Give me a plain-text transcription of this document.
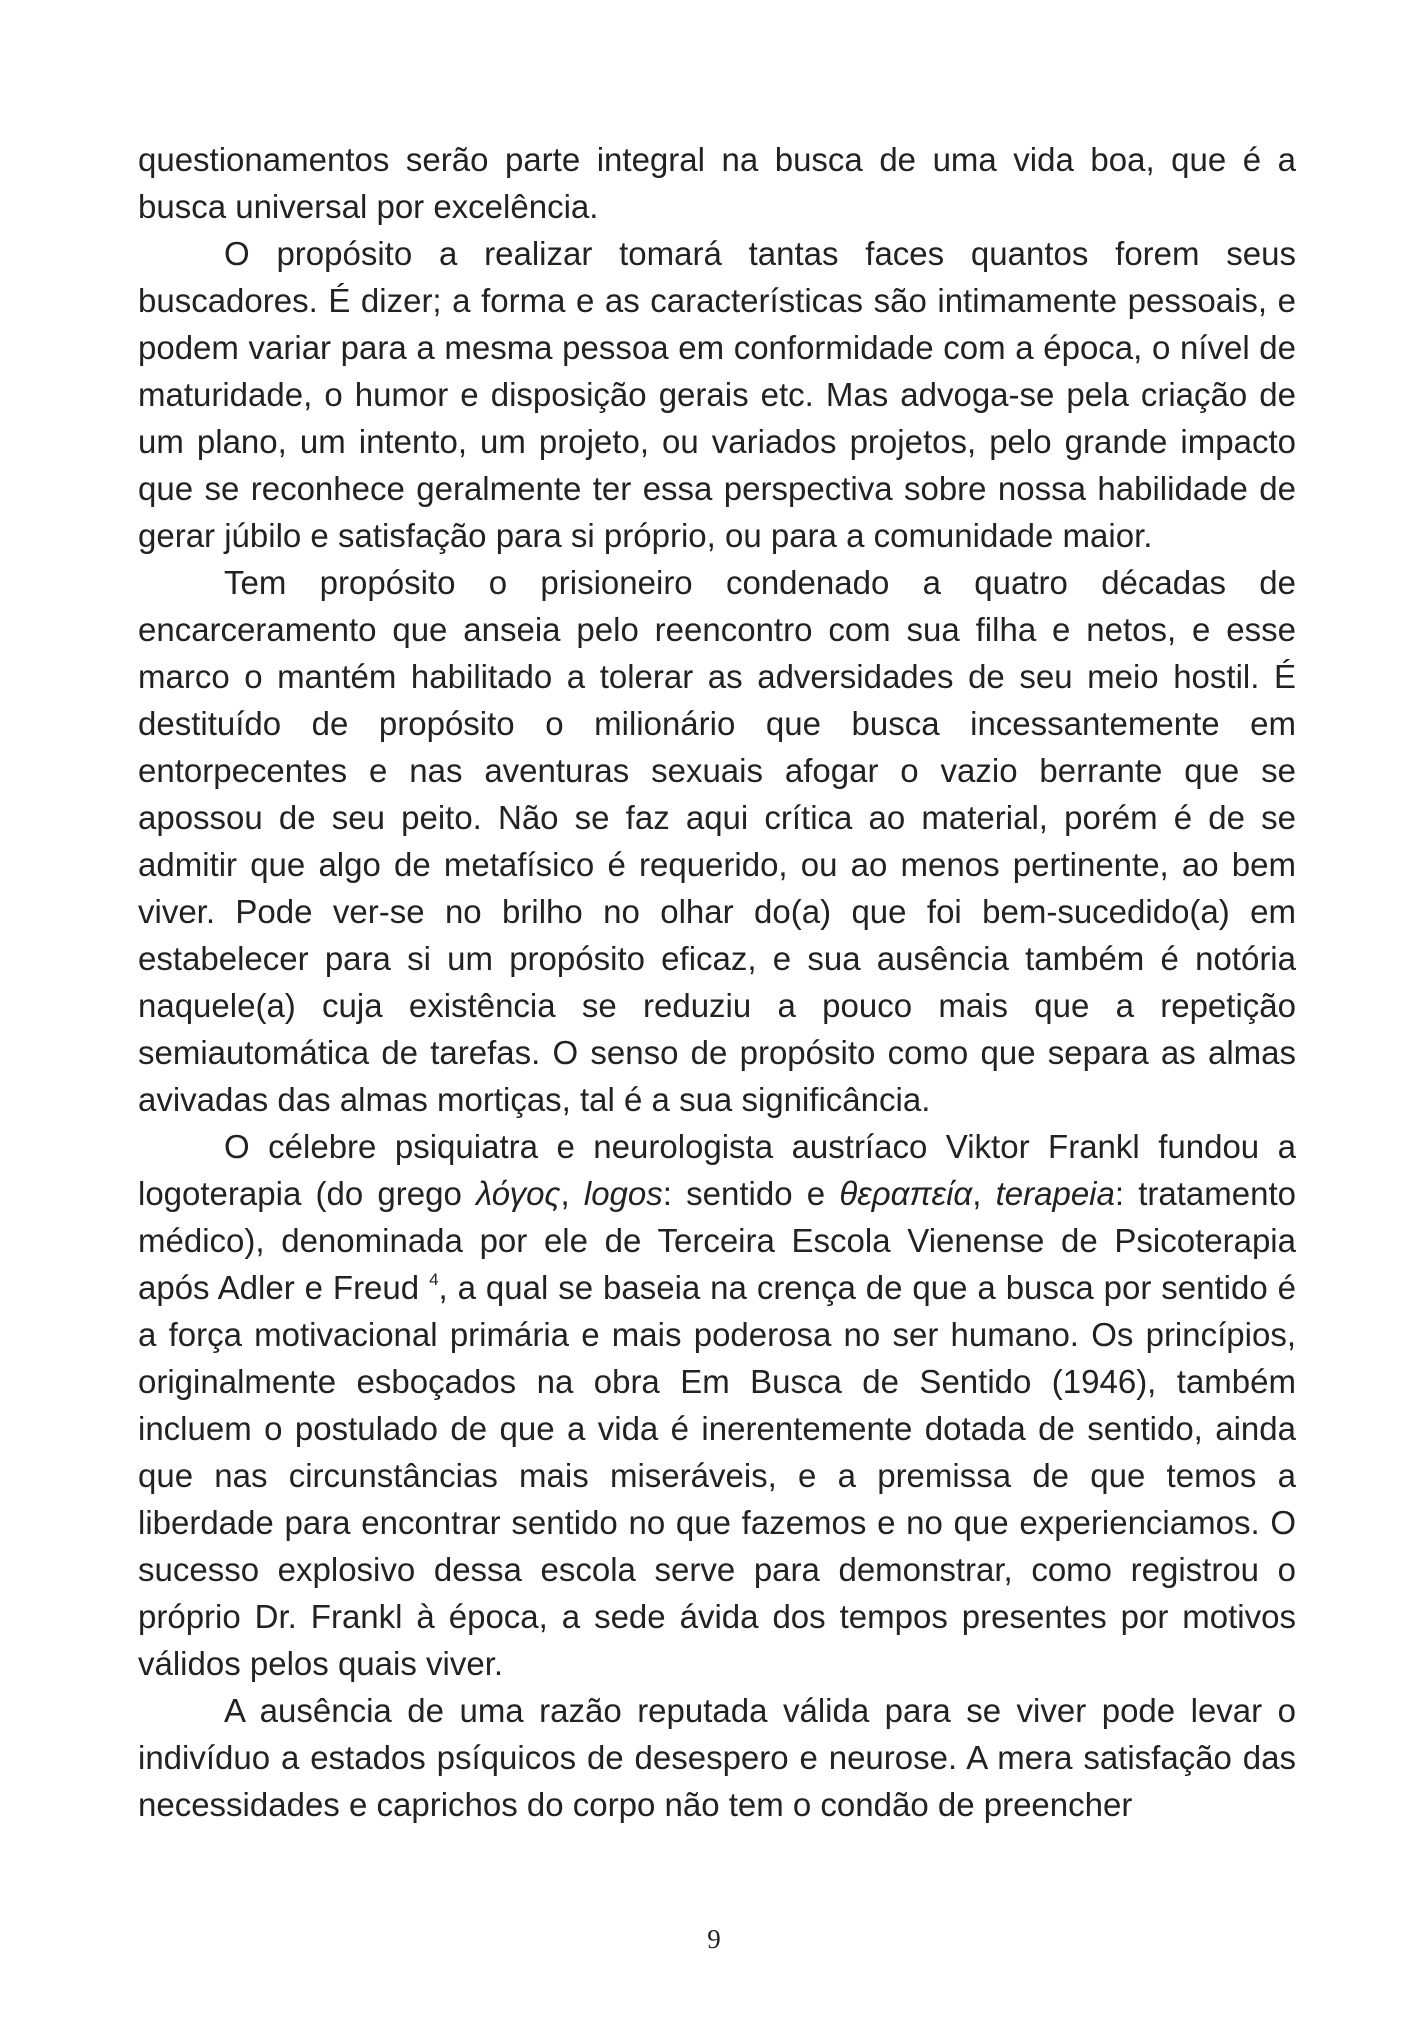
questionamentos serão parte integral na busca de uma vida boa, que é a busca universal por excelência.

O propósito a realizar tomará tantas faces quantos forem seus buscadores. É dizer; a forma e as características são intimamente pessoais, e podem variar para a mesma pessoa em conformidade com a época, o nível de maturidade, o humor e disposição gerais etc. Mas advoga-se pela criação de um plano, um intento, um projeto, ou variados projetos, pelo grande impacto que se reconhece geralmente ter essa perspectiva sobre nossa habilidade de gerar júbilo e satisfação para si próprio, ou para a comunidade maior.

Tem propósito o prisioneiro condenado a quatro décadas de encarceramento que anseia pelo reencontro com sua filha e netos, e esse marco o mantém habilitado a tolerar as adversidades de seu meio hostil. É destituído de propósito o milionário que busca incessantemente em entorpecentes e nas aventuras sexuais afogar o vazio berrante que se apossou de seu peito. Não se faz aqui crítica ao material, porém é de se admitir que algo de metafísico é requerido, ou ao menos pertinente, ao bem viver. Pode ver-se no brilho no olhar do(a) que foi bem-sucedido(a) em estabelecer para si um propósito eficaz, e sua ausência também é notória naquele(a) cuja existência se reduziu a pouco mais que a repetição semiautomática de tarefas. O senso de propósito como que separa as almas avivadas das almas mortiças, tal é a sua significância.

O célebre psiquiatra e neurologista austríaco Viktor Frankl fundou a logoterapia (do grego λόγος, logos: sentido e θεραπεία, terapeia: tratamento médico), denominada por ele de Terceira Escola Vienense de Psicoterapia após Adler e Freud $^4$, a qual se baseia na crença de que a busca por sentido é a força motivacional primária e mais poderosa no ser humano. Os princípios, originalmente esboçados na obra Em Busca de Sentido (1946), também incluem o postulado de que a vida é inerentemente dotada de sentido, ainda que nas circunstâncias mais miseráveis, e a premissa de que temos a liberdade para encontrar sentido no que fazemos e no que experienciamos. O sucesso explosivo dessa escola serve para demonstrar, como registrou o próprio Dr. Frankl à época, a sede ávida dos tempos presentes por motivos válidos pelos quais viver.

A ausência de uma razão reputada válida para se viver pode levar o indivíduo a estados psíquicos de desespero e neurose. A mera satisfação das necessidades e caprichos do corpo não tem o condão de preencher

9
